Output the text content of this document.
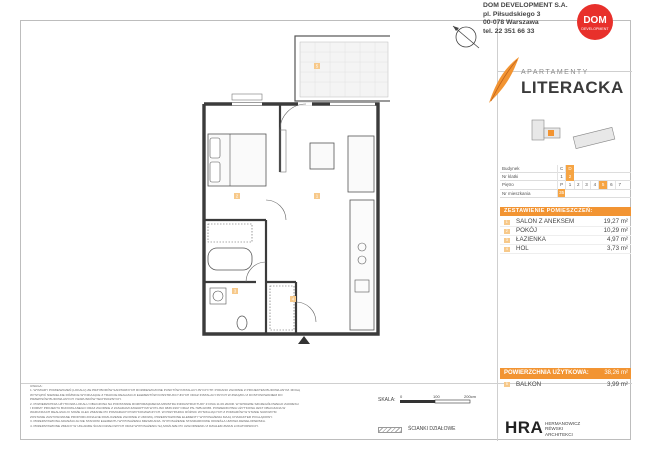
5
1
2
3
4
DOM DEVELOPMENT S.A.
pl. Piłsudskiego 3
00-078 Warszawa
tel. 22 351 66 33
DOM
DEVELOPMENT
APARTAMENTY
LITERACKA
Budynek	C	D
Nr klatki	1	2
Piętro	P	1	2	3	4	5	6	7
Nr mieszkania	35
ZESTAWIENIE POMIESZCZEŃ:
1 SALON Z ANEKSEM	19,27 m²
2 POKÓJ	10,29 m²
3 ŁAZIENKA	4,97 m²
4 HOL	3,73 m²
POWIERZCHNIA UŻYTKOWA:	38,26 m²
5 BALKON	3,99 m²
UWAGA:
1. WYMIARY POMIESZCZEŃ (LOKALU) ZE PRZYBORÓW SANITARNYCH ROZMIESZCZONE PUNKTÓW INSTALACYJNYCH ITP. PODANO ZGODNIE Z PROJEKTEM BUDOWLANYM. MOGĄ
WYSTĄPIĆ NIEWIELKIE RÓŻNICE WYNIKAJĄCE Z TRAKCIE REALIZACJI ELEMENTÓW KONSTRUKCYJNYCH ORAZ INSTALACYJNYCH W ZWIĄZKU Z DOSTOSOWANIEM DO
PRZEPISÓW BUDOWLANYCH I WARUNKÓW TECHNICZNYCH.
2. POWIERZCHNIA UŻYTKOWA LOKALU OBLICZONA NA PODSTAWIE ROZPORZĄDZENIA MINISTRA INFRASTRUKTURY Z DNIA 11.06.2020R. W SPRAWIE SZCZEGÓŁOWEGO ZAKRESU
I FORMY PROJEKTU BUDOWLANEGO ORAZ ZGODNIE Z ZASADAMI ZAWARTYMI W PN-ISO 9836:1997 ORAZ PN-70/B-02365. POWIERZCHNIA UŻYTKOWA JEST OBLICZANA W
WARUNKACH REALIZACJI I MOŻE ULEC ZMIANIE PO POMIARACH POWYKONAWCZYCH. W PRZYPADKU RÓŻNIC WYNIKAJĄCYCH Z POMIARÓW W STANIE SUROWYM
ZOSTANIE ZASTOSOWANE PROPORCJONALNE ROZLICZENIE ZGODNIE Z UMOWĄ. PRZEDSTAWIONE ELEMENTY WYPOSAŻENIA MAJĄ CHARAKTER POGLĄDOWY.
3. PRZEDSTAWIONA ARANŻACJA NIE STANOWI ELEMENTU WYPOSAŻENIA MIESZKANIA. WYPOSAŻENIE STANDARDOWE OKREŚLA UMOWA DEWELOPERSKA.
4. PRZEDSTAWIONE ZMIANY W UKŁADZIE ŚCIAN DZIAŁOWYCH ORAZ WYPOSAŻENIU SĄ MOŻLIWE PO UZGODNIENIU Z DZIAŁEM ZMIAN LOKATORSKICH.
SKALA:
0	100	200cm
ŚCIANKI DZIAŁOWE	HRA HERMANOWICZ
RÉWSKI
ARCHITEKCI
